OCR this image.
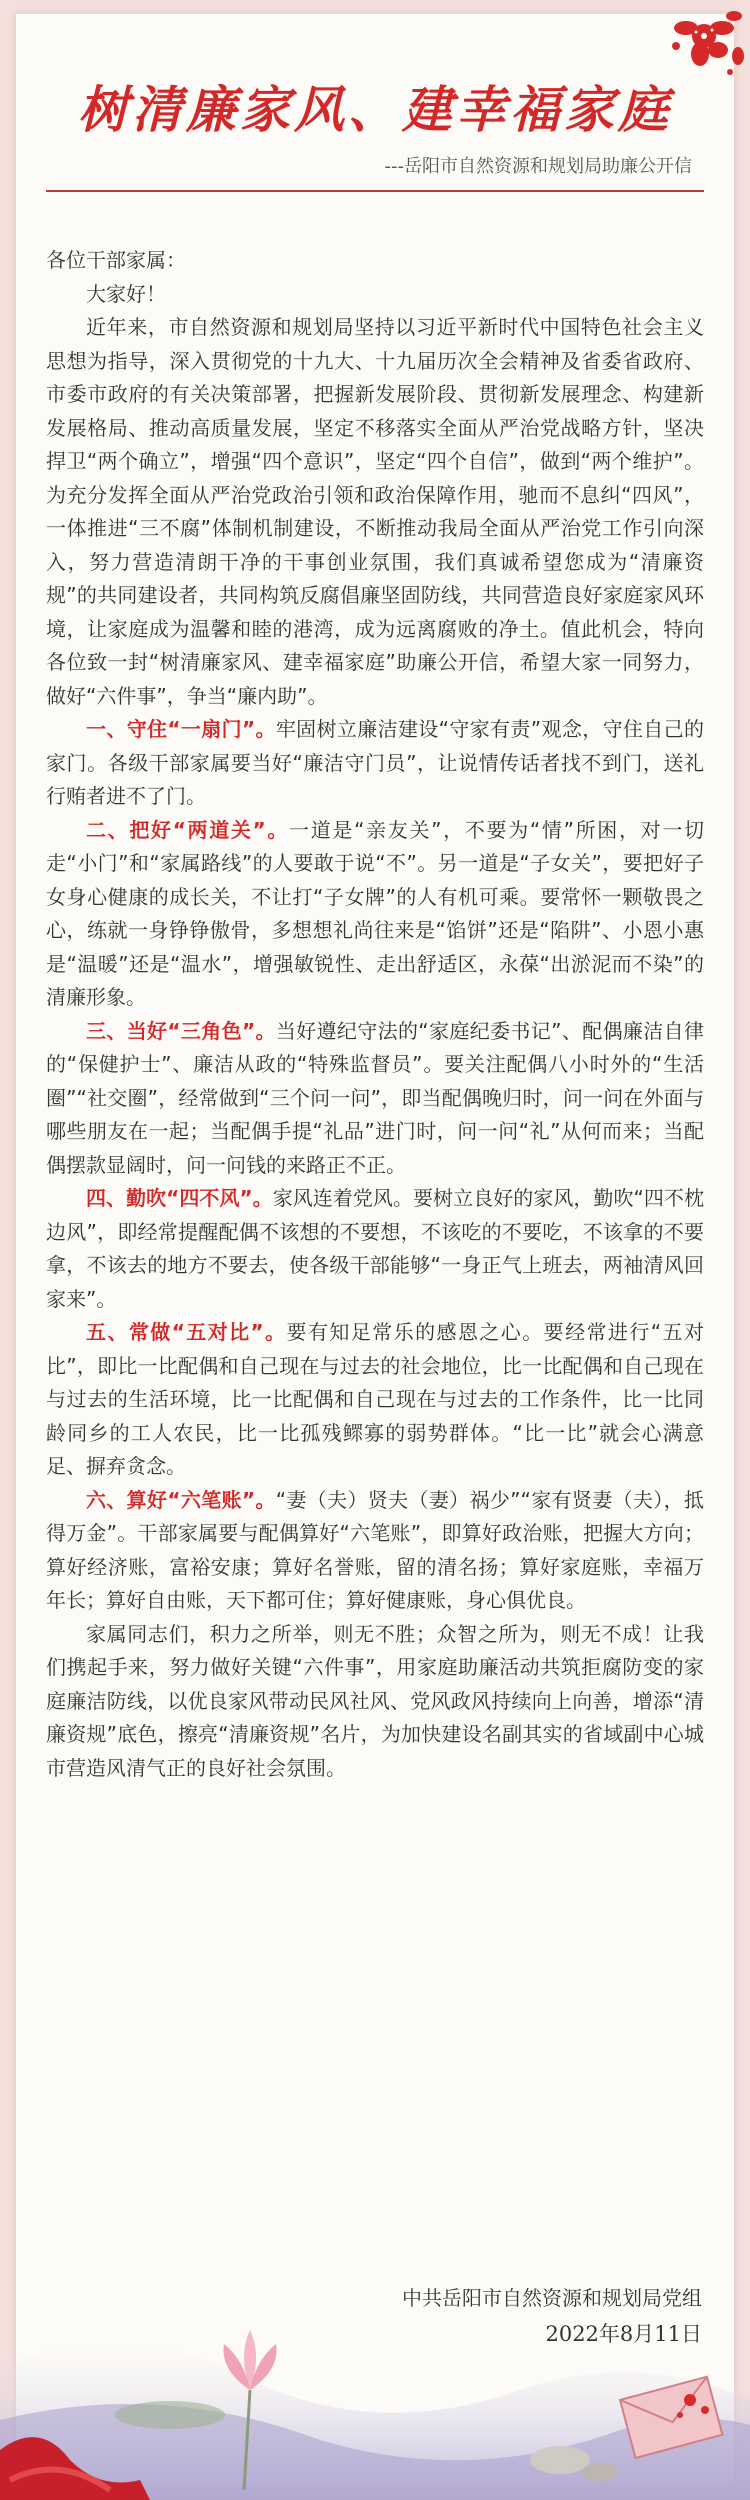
树清廉家风、建幸福家庭
---岳阳市自然资源和规划局助廉公开信

各位干部家属：

大家好！

近年来，市自然资源和规划局坚持以习近平新时代中国特色社会主义思想为指导，深入贯彻党的十九大、十九届历次全会精神及省委省政府、市委市政府的有关决策部署，把握新发展阶段、贯彻新发展理念、构建新发展格局、推动高质量发展，坚定不移落实全面从严治党战略方针，坚决捍卫“两个确立”，增强“四个意识”，坚定“四个自信”，做到“两个维护”。为充分发挥全面从严治党政治引领和政治保障作用，驰而不息纠“四风”，一体推进“三不腐”体制机制建设，不断推动我局全面从严治党工作引向深入，努力营造清朗干净的干事创业氛围，我们真诚希望您成为“清廉资规”的共同建设者，共同构筑反腐倡廉坚固防线，共同营造良好家庭家风环境，让家庭成为温馨和睦的港湾，成为远离腐败的净土。值此机会，特向各位致一封“树清廉家风、建幸福家庭”助廉公开信，希望大家一同努力，做好“六件事”，争当“廉内助”。

一、守住“一扇门”。牢固树立廉洁建设“守家有责”观念，守住自己的家门。各级干部家属要当好“廉洁守门员”，让说情传话者找不到门，送礼行贿者进不了门。

二、把好“两道关”。一道是“亲友关”，不要为“情”所困，对一切走“小门”和“家属路线”的人要敢于说“不”。另一道是“子女关”，要把好子女身心健康的成长关，不让打“子女牌”的人有机可乘。要常怀一颗敬畏之心，练就一身铮铮傲骨，多想想礼尚往来是“馅饼”还是“陷阱”、小恩小惠是“温暖”还是“温水”，增强敏锐性、走出舒适区，永葆“出淤泥而不染”的清廉形象。

三、当好“三角色”。当好遵纪守法的“家庭纪委书记”、配偶廉洁自律的“保健护士”、廉洁从政的“特殊监督员”。要关注配偶八小时外的“生活圈”“社交圈”，经常做到“三个问一问”，即当配偶晚归时，问一问在外面与哪些朋友在一起；当配偶手提“礼品”进门时，问一问“礼”从何而来；当配偶摆款显阔时，问一问钱的来路正不正。

四、勤吹“四不风”。家风连着党风。要树立良好的家风，勤吹“四不枕边风”，即经常提醒配偶不该想的不要想，不该吃的不要吃，不该拿的不要拿，不该去的地方不要去，使各级干部能够“一身正气上班去，两袖清风回家来”。

五、常做“五对比”。要有知足常乐的感恩之心。要经常进行“五对比”，即比一比配偶和自己现在与过去的社会地位，比一比配偶和自己现在与过去的生活环境，比一比配偶和自己现在与过去的工作条件，比一比同龄同乡的工人农民，比一比孤残鳏寡的弱势群体。“比一比”就会心满意足、摒弃贪念。

六、算好“六笔账”。“妻（夫）贤夫（妻）祸少”“家有贤妻（夫），抵得万金”。干部家属要与配偶算好“六笔账”，即算好政治账，把握大方向；算好经济账，富裕安康；算好名誉账，留的清名扬；算好家庭账，幸福万年长；算好自由账，天下都可住；算好健康账，身心俱优良。

家属同志们，积力之所举，则无不胜；众智之所为，则无不成！让我们携起手来，努力做好关键“六件事”，用家庭助廉活动共筑拒腐防变的家庭廉洁防线，以优良家风带动民风社风、党风政风持续向上向善，增添“清廉资规”底色，擦亮“清廉资规”名片，为加快建设名副其实的省域副中心城市营造风清气正的良好社会氛围。

中共岳阳市自然资源和规划局党组
2022年8月11日
